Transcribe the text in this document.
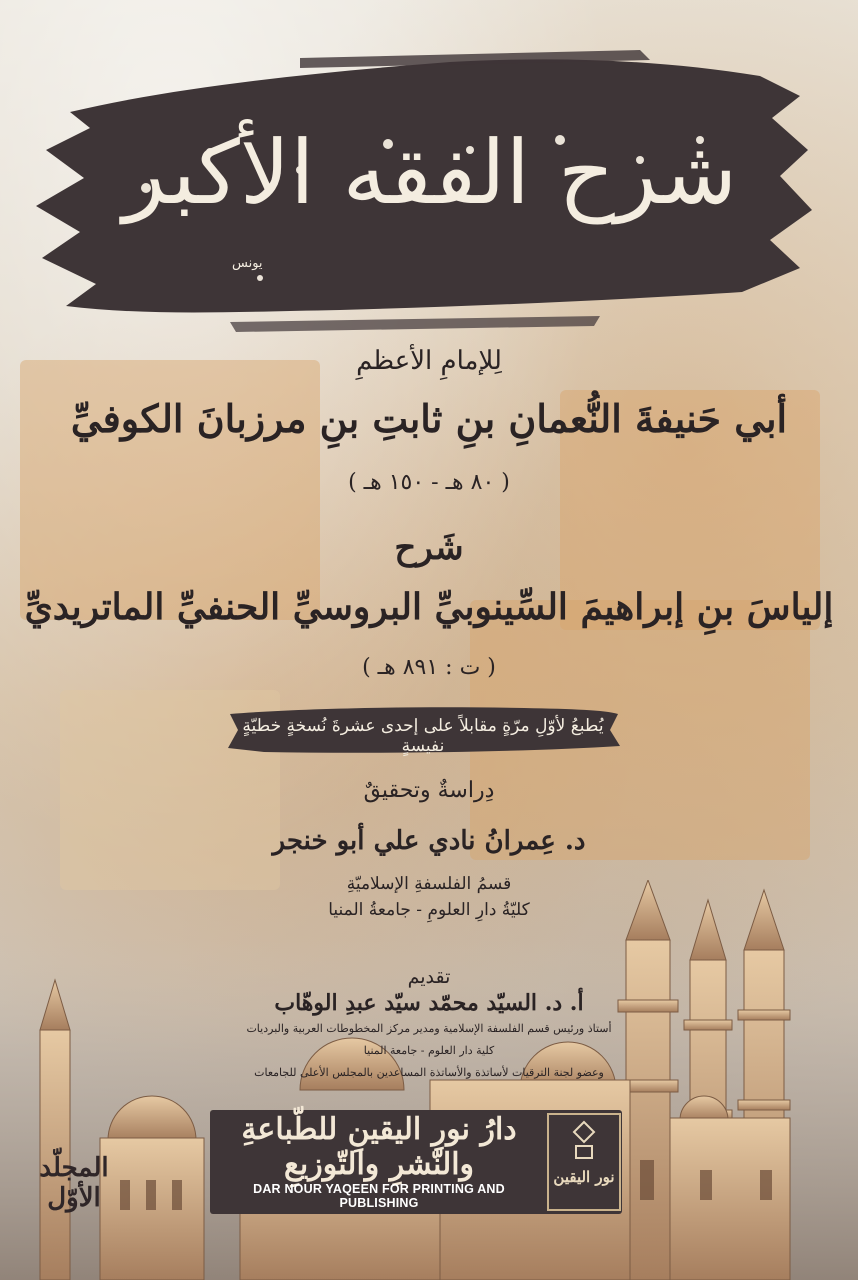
شرح الفقه الأكبر
يونس
لِلإمامِ الأعظمِ
أبي حَنيفةَ النُّعمانِ بنِ ثابتِ بنِ مرزبانَ الكوفيِّ
( ٨٠ هـ - ١٥٠ هـ )
شَرح
إلياسَ بنِ إبراهيمَ السِّينوبيِّ البروسيِّ الحنفيِّ الماتريديِّ
( ت : ٨٩١ هـ )
يُطبعُ لأوّلِ مرّةٍ مقابلاً على إحدى عشرةَ نُسخةٍ خطيّةٍ نفيسةٍ
دِراسةٌ وتحقيقٌ
د. عِمرانُ نادي علي أبو خنجر
قسمُ الفلسفةِ الإسلاميّةِ
كليّةُ دارِ العلومِ - جامعةُ المنيا
تقديم
أ. د. السيّد محمّد سيّد عبدِ الوهّاب
أستاذ ورئيس قسم الفلسفة الإسلامية ومدير مركز المخطوطات العربية والبرديات
كلية دار العلوم - جامعة المنيا
وعضو لجنة الترقيات لأساتذة والأساتذة المساعدين بالمجلس الأعلى للجامعات
دارُ نورِ اليقينِ للطّباعةِ والنّشرِ والتّوزيعِ
DAR NOUR YAQEEN FOR PRINTING AND PUBLISHING
نور اليقين
المجلّد الأوّل
